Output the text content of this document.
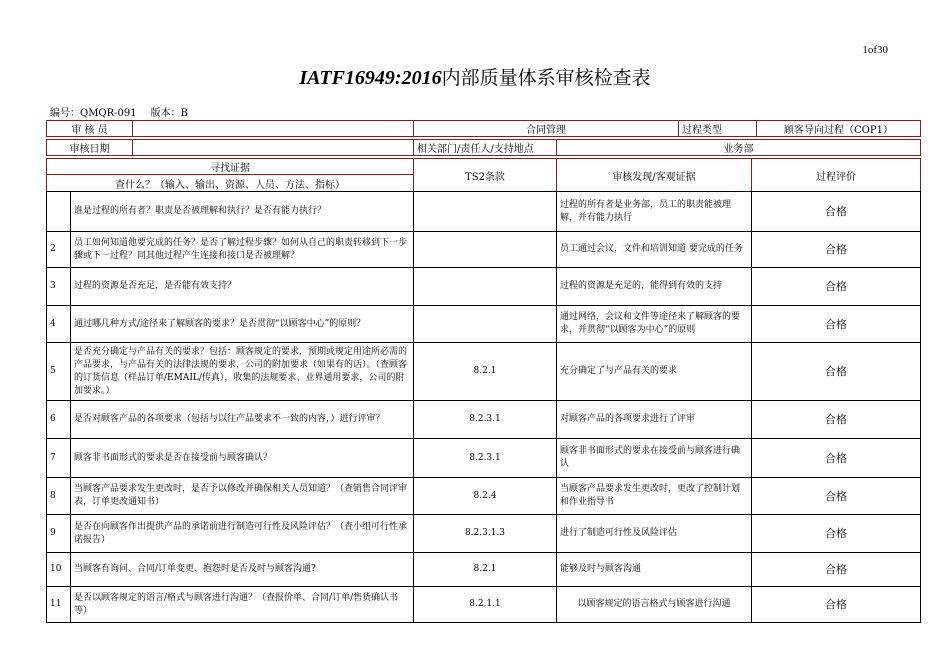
1of30
IATF16949:2016内部质量体系审核检查表
编号：QMQR-091 版本：B
审 核 员		合同管理	过程类型	顾客导向过程（COP1）
审核日期		相关部门/责任人/支持地点	业务部
寻找证据	TS2条款	审核发现/客观证据	过程评价
查什么？（输入、输出、资源、人员、方法、指标）
	谁是过程的所有者？职责是否被理解和执行？是否有能力执行？		过程的所有者是业务部，员工的职责能被理解，并有能力执行	合格
2	员工如何知道他要完成的任务？是否了解过程步骤？如何从自己的职责转移到下一步骤或下一过程？同其他过程产生连接和接口是否被理解？		员工通过会议，文件和培训知道 要完成的任务	合格
3	过程的资源是否充足，是否能有效支持？		过程的资源是充足的，能得到有效的支持	合格
4	通过哪几种方式/途径来了解顾客的要求？是否贯彻“以顾客中心”的原则？		通过网络，会议和文件等途径来了解顾客的要求，并贯彻“以顾客为中心”的原则	合格
5	是否充分确定与产品有关的要求？包括：顾客规定的要求，预期或规定用途所必需的产品要求，与产品有关的法律法规的要求，公司的附加要求（如果有的话）。（查顾客的订货信息（样品订单/EMAIL/传真），收集的法规要求、业界通用要求，公司的附加要求。）	8.2.1	充分确定了与产品有关的要求	合格
6	是否对顾客产品的各项要求（包括与以往产品要求不一致的内容，）进行评审？	8.2.3.1	对顾客产品的各项要求进行了评审	合格
7	顾客非书面形式的要求是否在接受前与顾客确认？	8.2.3.1	顾客非书面形式的要求在接受前与顾客进行确认	合格
8	当顾客产品要求发生更改时，是否予以修改并确保相关人员知道？（查销售合同评审表，订单更改通知书）	8.2.4	当顾客产品要求发生更改时，更改了控制计划和作业指导书	合格
9	是否在向顾客作出提供产品的承诺前进行制造可行性及风险评估？（查小组可行性承诺报告）	8.2.3.1.3	进行了制造可行性及风险评估	合格
10	当顾客有询问、合同/订单变更、抱怨时是否及时与顾客沟通?	8.2.1	能够及时与顾客沟通	合格
11	是否以顾客规定的语言/格式与顾客进行沟通？（查报价单、合同/订单/售货确认书等）	8.2.1.1	以顾客规定的语言格式与顾客进行沟通	合格
